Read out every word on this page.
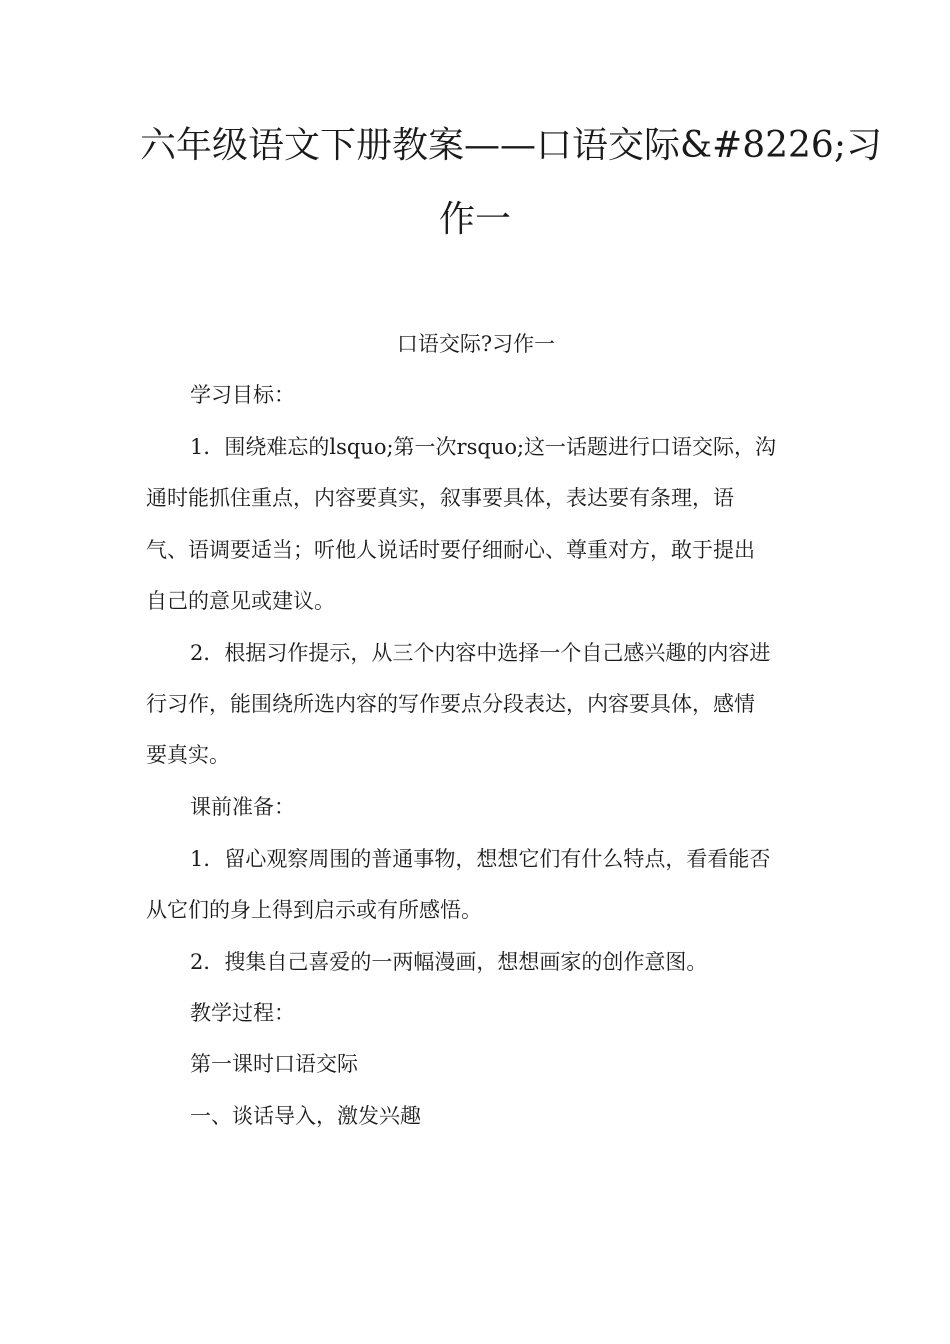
六年级语文下册教案——口语交际&#8226;习
作一

口语交际?习作一

学习目标：

1．围绕难忘的lsquo;第一次rsquo;这一话题进行口语交际，沟

通时能抓住重点，内容要真实，叙事要具体，表达要有条理，语

气、语调要适当；听他人说话时要仔细耐心、尊重对方，敢于提出

自己的意见或建议。

2．根据习作提示，从三个内容中选择一个自己感兴趣的内容进

行习作，能围绕所选内容的写作要点分段表达，内容要具体，感情

要真实。

课前准备：

1．留心观察周围的普通事物，想想它们有什么特点，看看能否

从它们的身上得到启示或有所感悟。

2．搜集自己喜爱的一两幅漫画，想想画家的创作意图。

教学过程：

第一课时口语交际

一、谈话导入，激发兴趣
